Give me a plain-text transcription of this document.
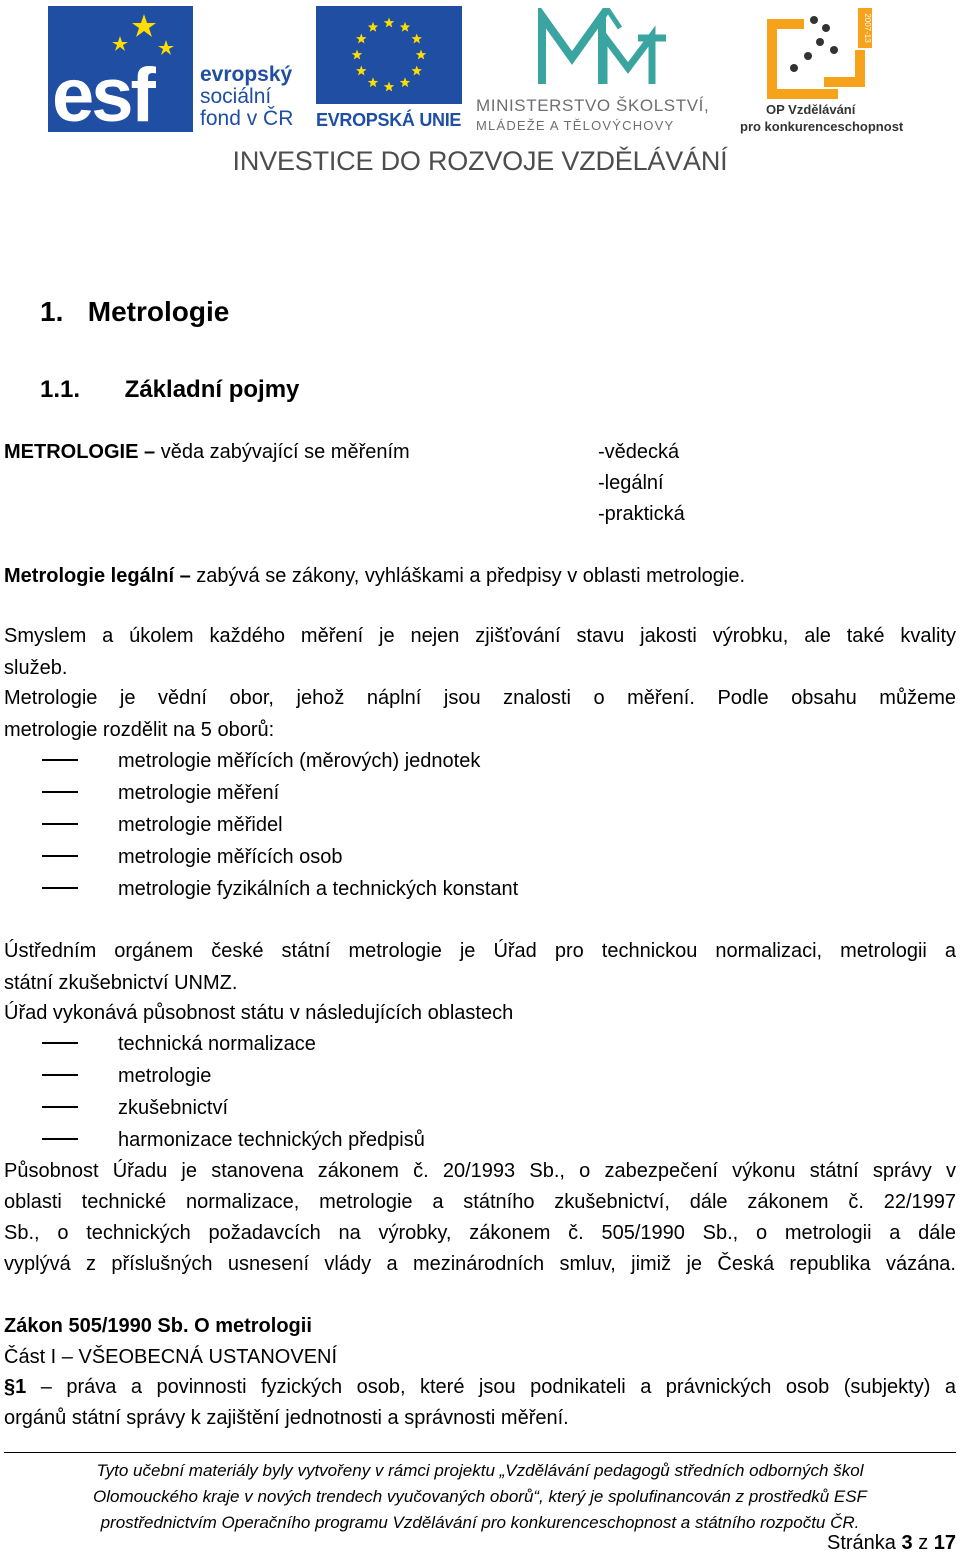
esf evropský
sociální
fond v ČR EVROPSKÁ UNIE
MINISTERSTVO ŠKOLSTVÍ,
MLÁDEŽE A TĚLOVÝCHOVY
2007-13
OP Vzdělávání
pro konkurenceschopnost
INVESTICE DO ROZVOJE VZDĚLÁVÁNÍ
1. Metrologie
1.1. Základní pojmy
METROLOGIE – věda zabývající se měřením	-vědecká
-legální
-praktická
Metrologie legální – zabývá se zákony, vyhláškami a předpisy v oblasti metrologie.
Smyslem a úkolem každého měření je nejen zjišťování stavu jakosti výrobku, ale také kvality
služeb.
Metrologie je vědní obor, jehož náplní jsou znalosti o měření. Podle obsahu můžeme
metrologie rozdělit na 5 oborů:
metrologie měřících (měrových) jednotek
metrologie měření
metrologie měřidel
metrologie měřících osob
metrologie fyzikálních a technických konstant
Ústředním orgánem české státní metrologie je Úřad pro technickou normalizaci, metrologii a
státní zkušebnictví UNMZ.
Úřad vykonává působnost státu v následujících oblastech
technická normalizace
metrologie
zkušebnictví
harmonizace technických předpisů
Působnost Úřadu je stanovena zákonem č. 20/1993 Sb., o zabezpečení výkonu státní správy v
oblasti technické normalizace, metrologie a státního zkušebnictví, dále zákonem č. 22/1997
Sb., o technických požadavcích na výrobky, zákonem č. 505/1990 Sb., o metrologii a dále
vyplývá z příslušných usnesení vlády a mezinárodních smluv, jimiž je Česká republika vázána.
Zákon 505/1990 Sb. O metrologii
Část I – VŠEOBECNÁ USTANOVENÍ
§1 – práva a povinnosti fyzických osob, které jsou podnikateli a právnických osob (subjekty) a
orgánů státní správy k zajištění jednotnosti a správnosti měření.
Tyto učební materiály byly vytvořeny v rámci projektu „Vzdělávání pedagogů středních odborných škol
Olomouckého kraje v nových trendech vyučovaných oborů“, který je spolufinancován z prostředků ESF
prostřednictvím Operačního programu Vzdělávání pro konkurenceschopnost a státního rozpočtu ČR.
Stránka 3 z 17
